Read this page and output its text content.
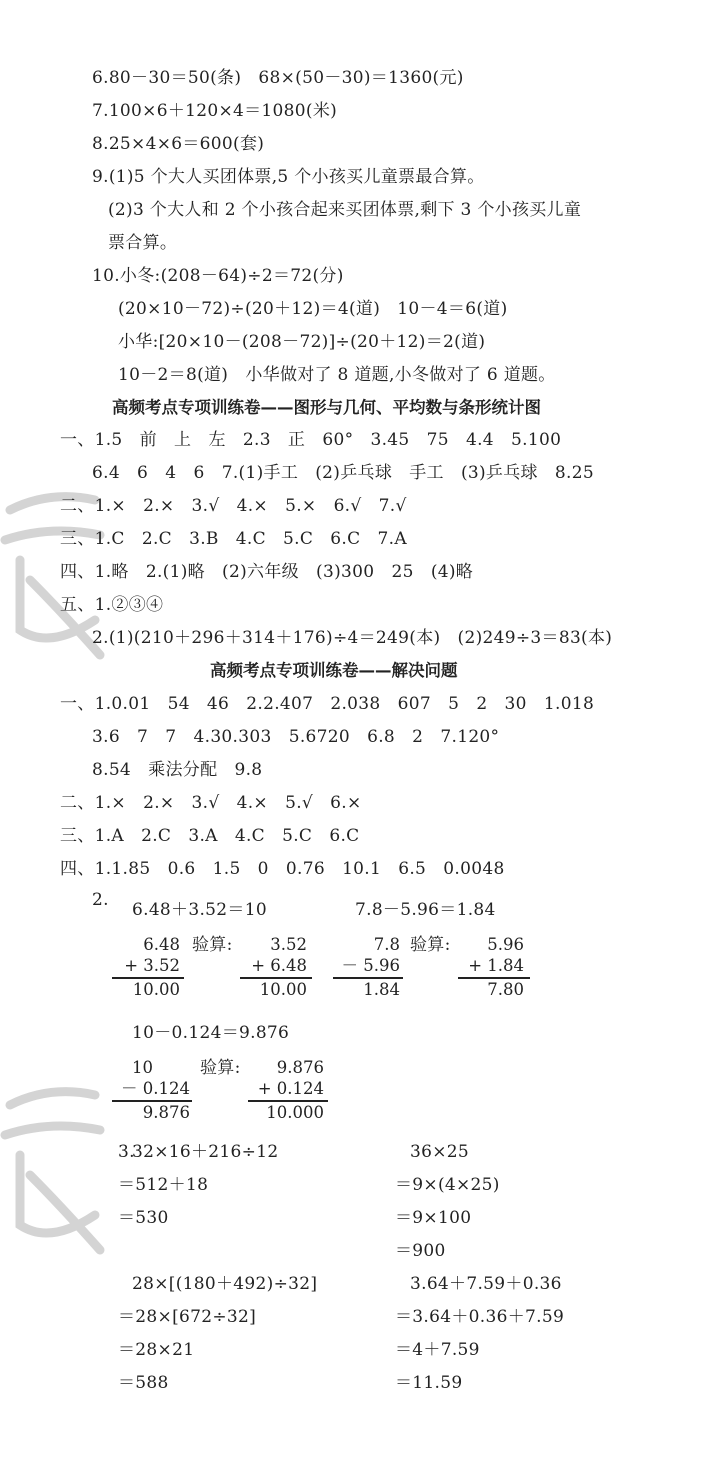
6.80－30＝50(条)   68×(50－30)＝1360(元)
7.100×6＋120×4＝1080(米)
8.25×4×6＝600(套)
9.(1)5 个大人买团体票,5 个小孩买儿童票最合算。
(2)3 个大人和 2 个小孩合起来买团体票,剩下 3 个小孩买儿童
票合算。
10.小冬:(208－64)÷2＝72(分)
(20×10－72)÷(20＋12)＝4(道)   10－4＝6(道)
小华:[20×10－(208－72)]÷(20＋12)＝2(道)
10－2＝8(道)   小华做对了 8 道题,小冬做对了 6 道题。
高频考点专项训练卷——图形与几何、平均数与条形统计图
一、1.5   前   上   左   2.3   正   60°   3.45   75   4.4   5.100
6.4   6   4   6   7.(1)手工   (2)乒乓球   手工   (3)乒乓球   8.25
二、1.×   2.×   3.√   4.×   5.×   6.√   7.√
三、1.C   2.C   3.B   4.C   5.C   6.C   7.A
四、1.略   2.(1)略   (2)六年级   (3)300   25   (4)略
五、1.②③④
2.(1)(210＋296＋314＋176)÷4＝249(本)   (2)249÷3＝83(本)
高频考点专项训练卷——解决问题
一、1.0.01   54   46   2.2.407   2.038   607   5   2   30   1.018
3.6   7   7   4.30.303   5.6720   6.8   2   7.120°
8.54   乘法分配   9.8
二、1.×   2.×   3.√   4.×   5.√   6.×
三、1.A   2.C   3.A   4.C   5.C   6.C
四、1.1.85   0.6   1.5   0   0.76   10.1   6.5   0.0048
2. 6.48＋3.52＝10	7.8－5.96＝1.84
6.48
+ 3.52
10.00
验算:	3.52
+ 6.48
10.00
7.8
－ 5.96
1.84
验算:	5.96
+ 1.84
7.80
10－0.124＝9.876
10
－ 0.124
9.876
验算:	9.876
+ 0.124
10.000
3.
32×16＋216÷12
＝512＋18
＝530
36×25
＝9×(4×25)
＝9×100
＝900
28×[(180＋492)÷32]
＝28×[672÷32]
＝28×21
＝588
3.64＋7.59＋0.36
＝3.64＋0.36＋7.59
＝4＋7.59
＝11.59
